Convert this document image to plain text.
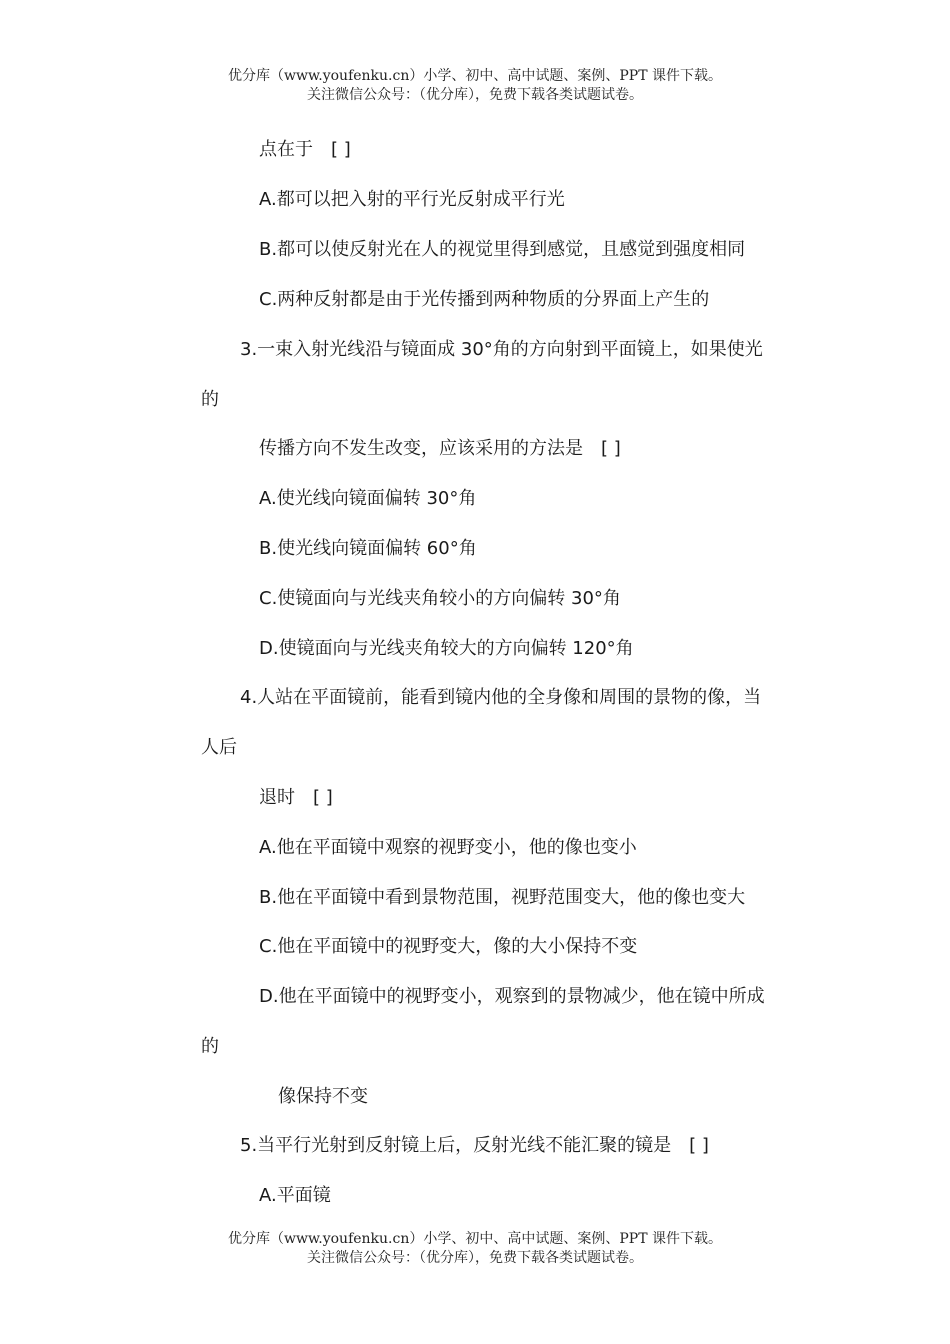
优分库（www.youfenku.cn）小学、初中、高中试题、案例、PPT 课件下载。
关注微信公众号：（优分库），免费下载各类试题试卷。
点在于　[ ]
A.都可以把入射的平行光反射成平行光
B.都可以使反射光在人的视觉里得到感觉，且感觉到强度相同
C.两种反射都是由于光传播到两种物质的分界面上产生的
3.一束入射光线沿与镜面成 30°角的方向射到平面镜上，如果使光
的
传播方向不发生改变，应该采用的方法是　[ ]
A.使光线向镜面偏转 30°角
B.使光线向镜面偏转 60°角
C.使镜面向与光线夹角较小的方向偏转 30°角
D.使镜面向与光线夹角较大的方向偏转 120°角
4.人站在平面镜前，能看到镜内他的全身像和周围的景物的像，当
人后
退时　[ ]
A.他在平面镜中观察的视野变小，他的像也变小
B.他在平面镜中看到景物范围，视野范围变大，他的像也变大
C.他在平面镜中的视野变大，像的大小保持不变
D.他在平面镜中的视野变小，观察到的景物减少，他在镜中所成
的
像保持不变
5.当平行光射到反射镜上后，反射光线不能汇聚的镜是　[ ]
A.平面镜
优分库（www.youfenku.cn）小学、初中、高中试题、案例、PPT 课件下载。
关注微信公众号：（优分库），免费下载各类试题试卷。
